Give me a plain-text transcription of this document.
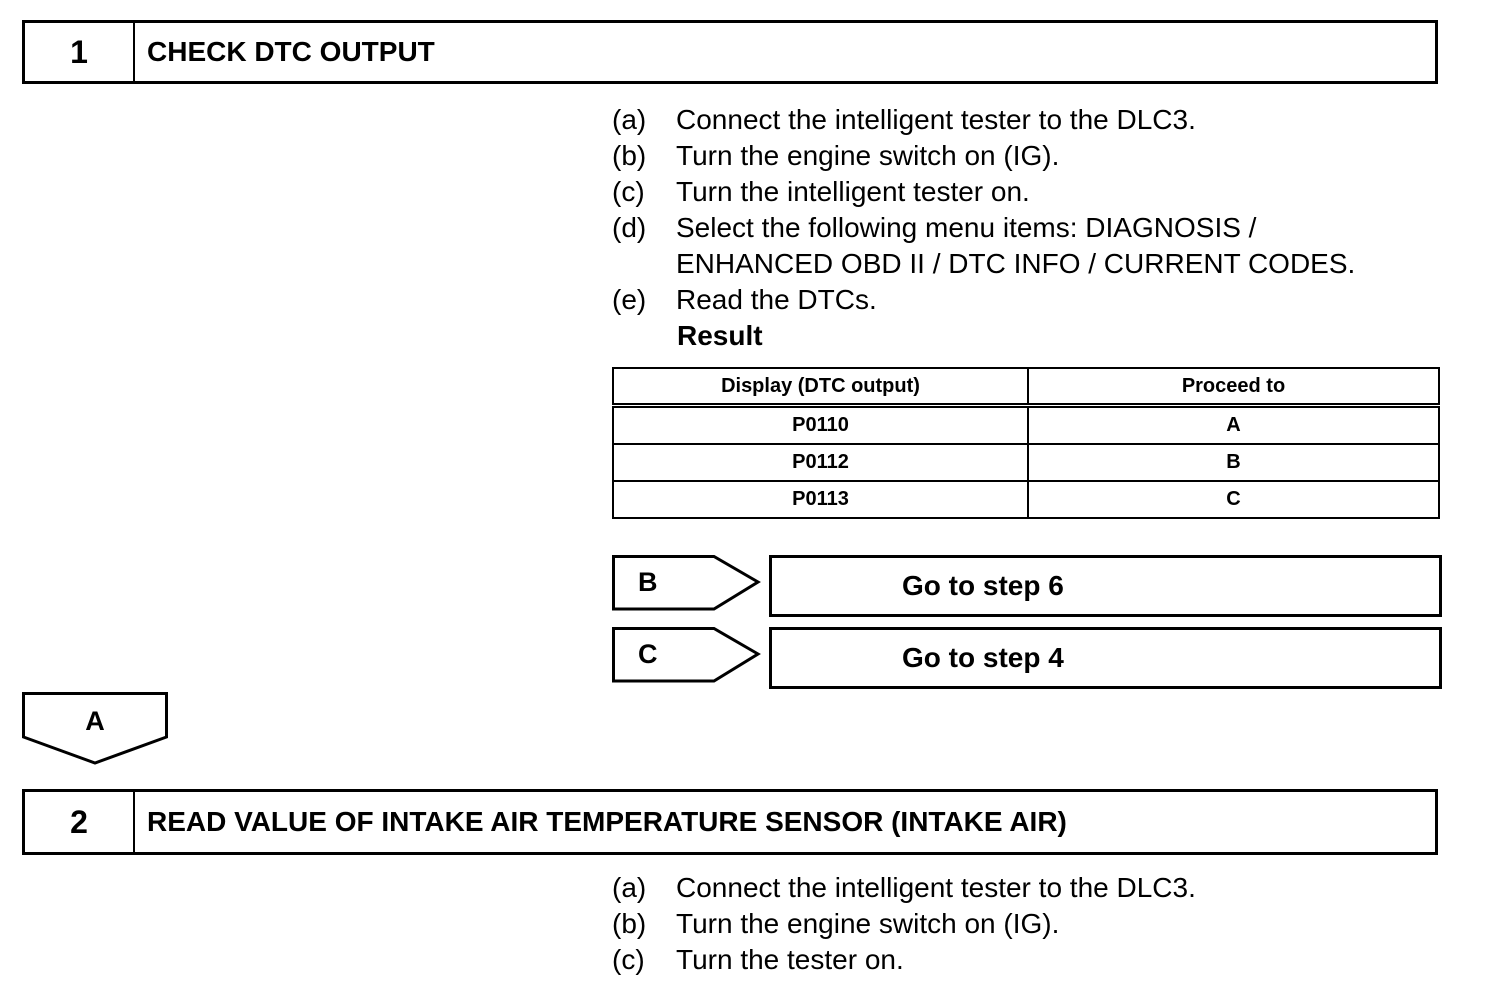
1	CHECK DTC OUTPUT
(a)	Connect the intelligent tester to the DLC3.
(b)	Turn the engine switch on (IG).
(c)	Turn the intelligent tester on.
(d)	Select the following menu items: DIAGNOSIS /
ENHANCED OBD II / DTC INFO / CURRENT CODES.
(e)	Read the DTCs.
Result
Display (DTC output)	Proceed to
P0110	A
P0112	B
P0113	C
B	Go to step 6
C	Go to step 4
A
2	READ VALUE OF INTAKE AIR TEMPERATURE SENSOR (INTAKE AIR)
(a)	Connect the intelligent tester to the DLC3.
(b)	Turn the engine switch on (IG).
(c)	Turn the tester on.
